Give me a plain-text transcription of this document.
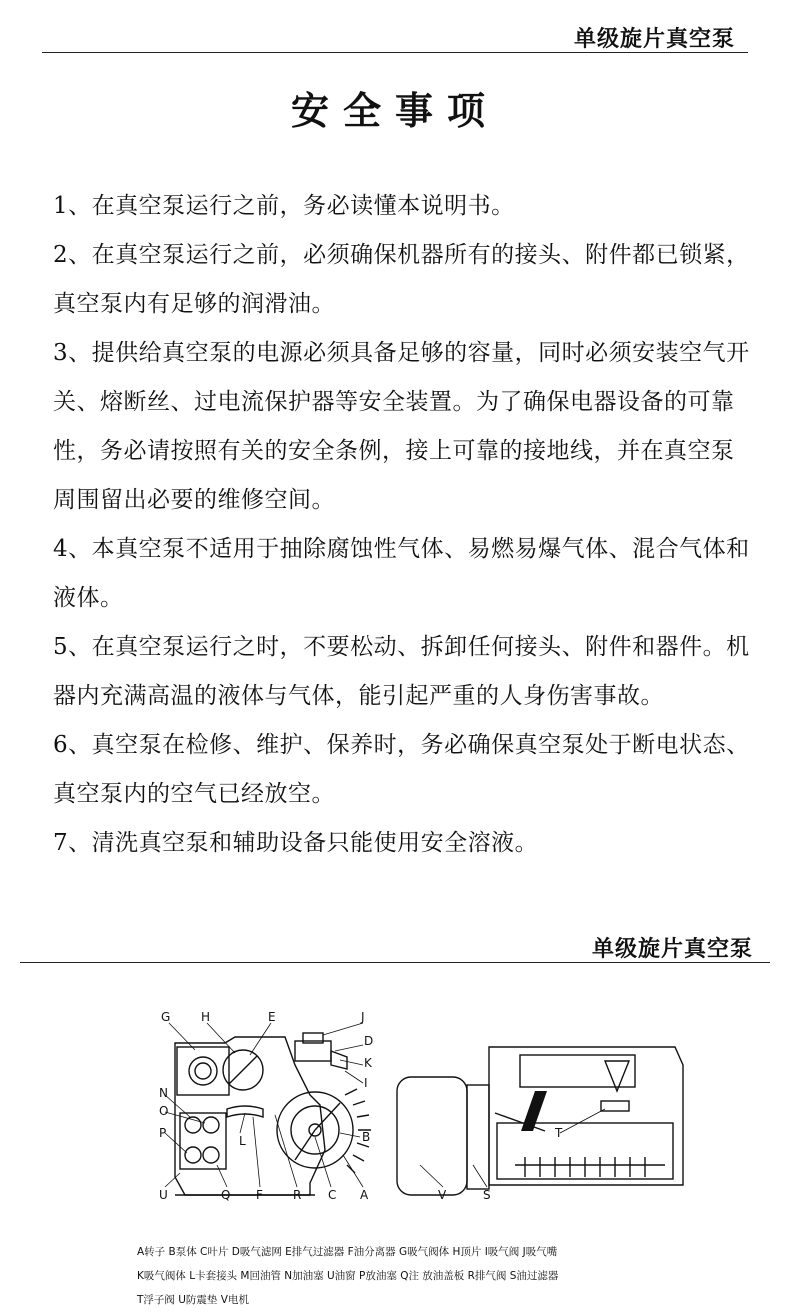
单级旋片真空泵
安全事项

1、在真空泵运行之前，务必读懂本说明书。

2、在真空泵运行之前，必须确保机器所有的接头、附件都已锁紧，真空泵内有足够的润滑油。

3、提供给真空泵的电源必须具备足够的容量，同时必须安装空气开关、熔断丝、过电流保护器等安全装置。为了确保电器设备的可靠性，务必请按照有关的安全条例，接上可靠的接地线，并在真空泵周围留出必要的维修空间。

4、本真空泵不适用于抽除腐蚀性气体、易燃易爆气体、混合气体和液体。

5、在真空泵运行之时，不要松动、拆卸任何接头、附件和器件。机器内充满高温的液体与气体，能引起严重的人身伤害事故。

6、真空泵在检修、维护、保养时，务必确保真空泵处于断电状态、真空泵内的空气已经放空。

7、清洗真空泵和辅助设备只能使用安全溶液。

单级旋片真空泵
G	H	E	J
D
K
I
N
O
P
L	B
U	Q F	R C A
T
V	S

A转子 B泵体 C叶片 D吸气滤网 E排气过滤器 F油分离器 G吸气阀体 H顶片 I吸气阀 J吸气嘴

K吸气阀体 L卡套接头 M回油管 N加油塞 U油窗 P放油塞 Q注 放油盖板 R排气阀 S油过滤器

T浮子阀 U防震垫 V电机
